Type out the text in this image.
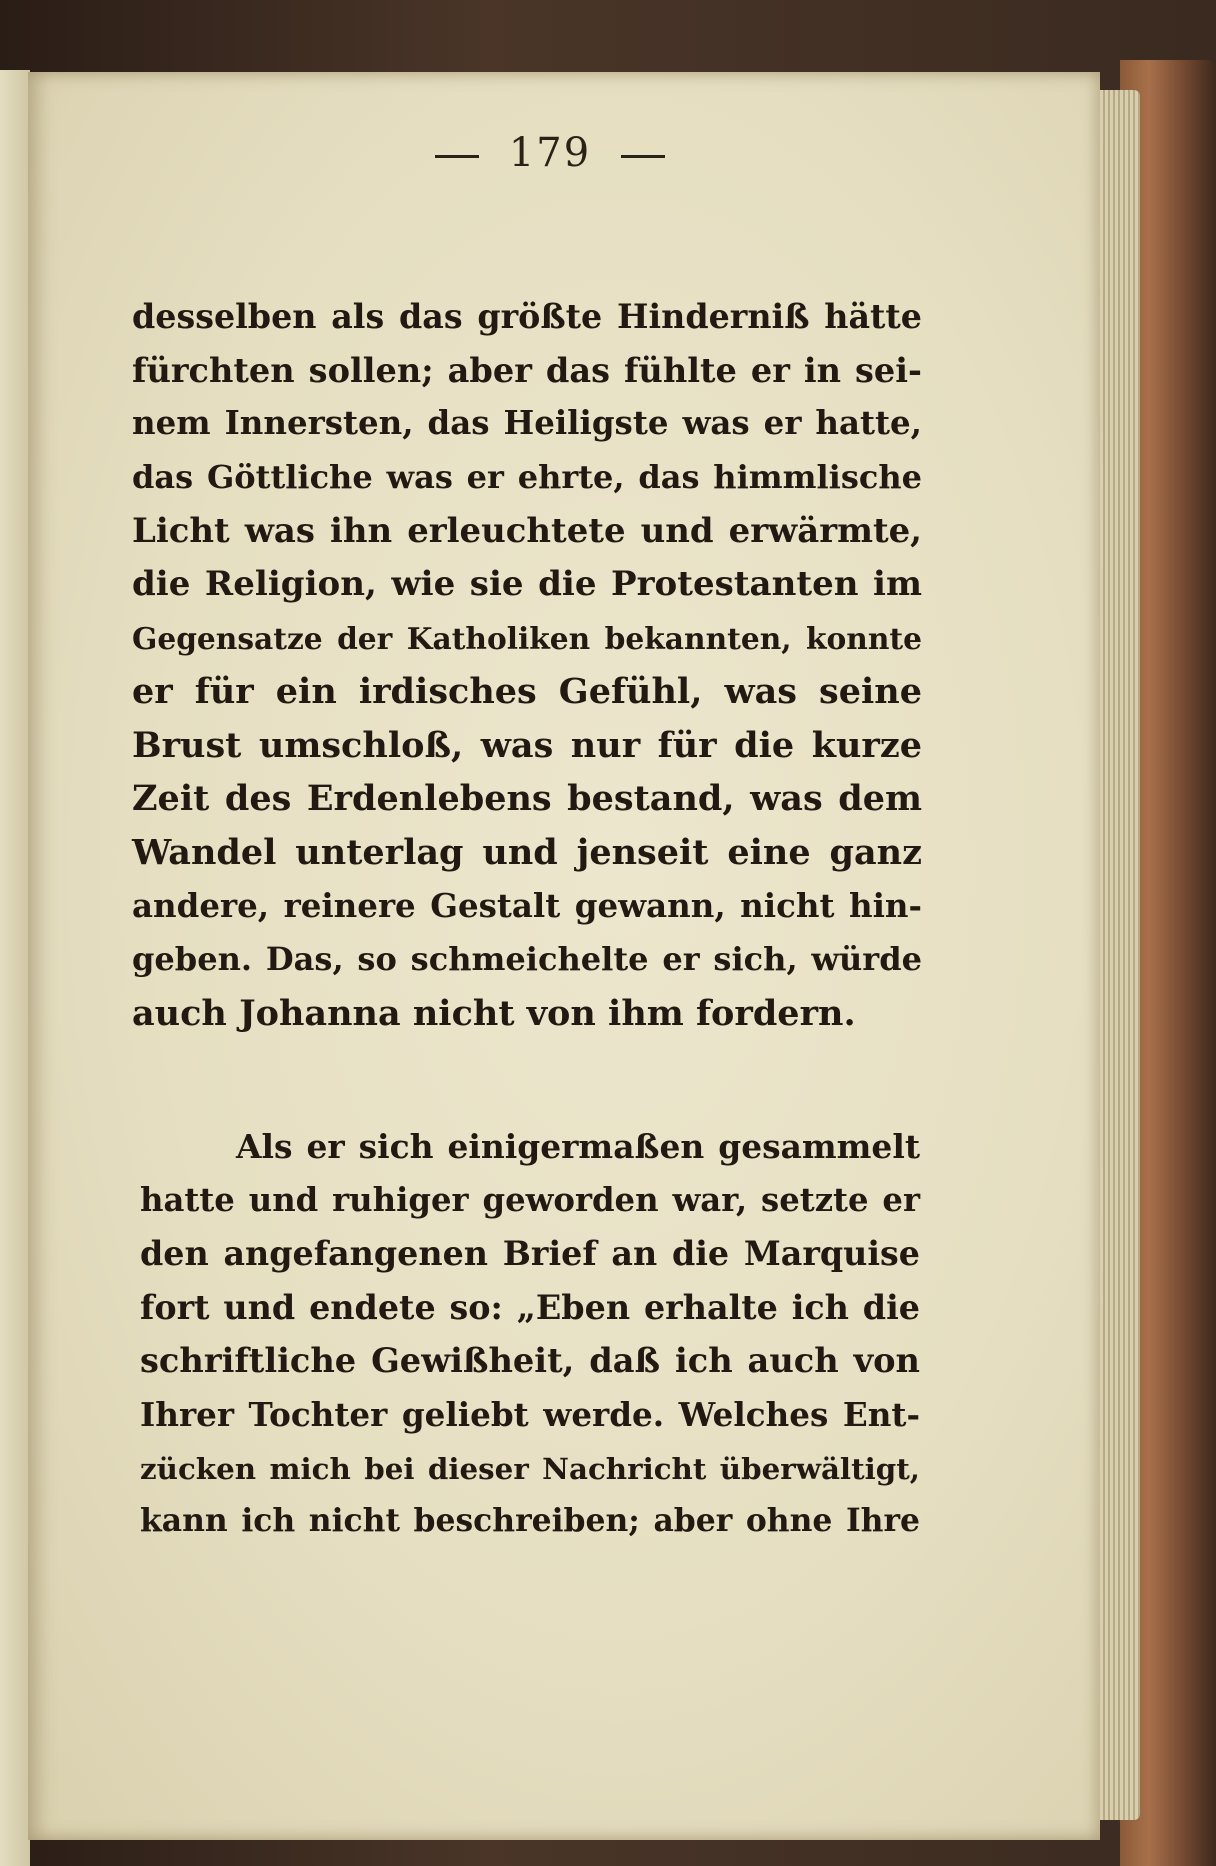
179
desselben als das größte Hinderniß hätte
fürchten sollen; aber das fühlte er in sei-
nem Innersten, das Heiligste was er hatte,
das Göttliche was er ehrte, das himmlische
Licht was ihn erleuchtete und erwärmte,
die Religion, wie sie die Protestanten im
Gegensatze der Katholiken bekannten, konnte
er für ein irdisches Gefühl, was seine
Brust umschloß, was nur für die kurze
Zeit des Erdenlebens bestand, was dem
Wandel unterlag und jenseit eine ganz
andere, reinere Gestalt gewann, nicht hin-
geben. Das, so schmeichelte er sich, würde
auch Johanna nicht von ihm fordern.
Als er sich einigermaßen gesammelt
hatte und ruhiger geworden war, setzte er
den angefangenen Brief an die Marquise
fort und endete so: „Eben erhalte ich die
schriftliche Gewißheit, daß ich auch von
Ihrer Tochter geliebt werde. Welches Ent-
zücken mich bei dieser Nachricht überwältigt,
kann ich nicht beschreiben; aber ohne Ihre
